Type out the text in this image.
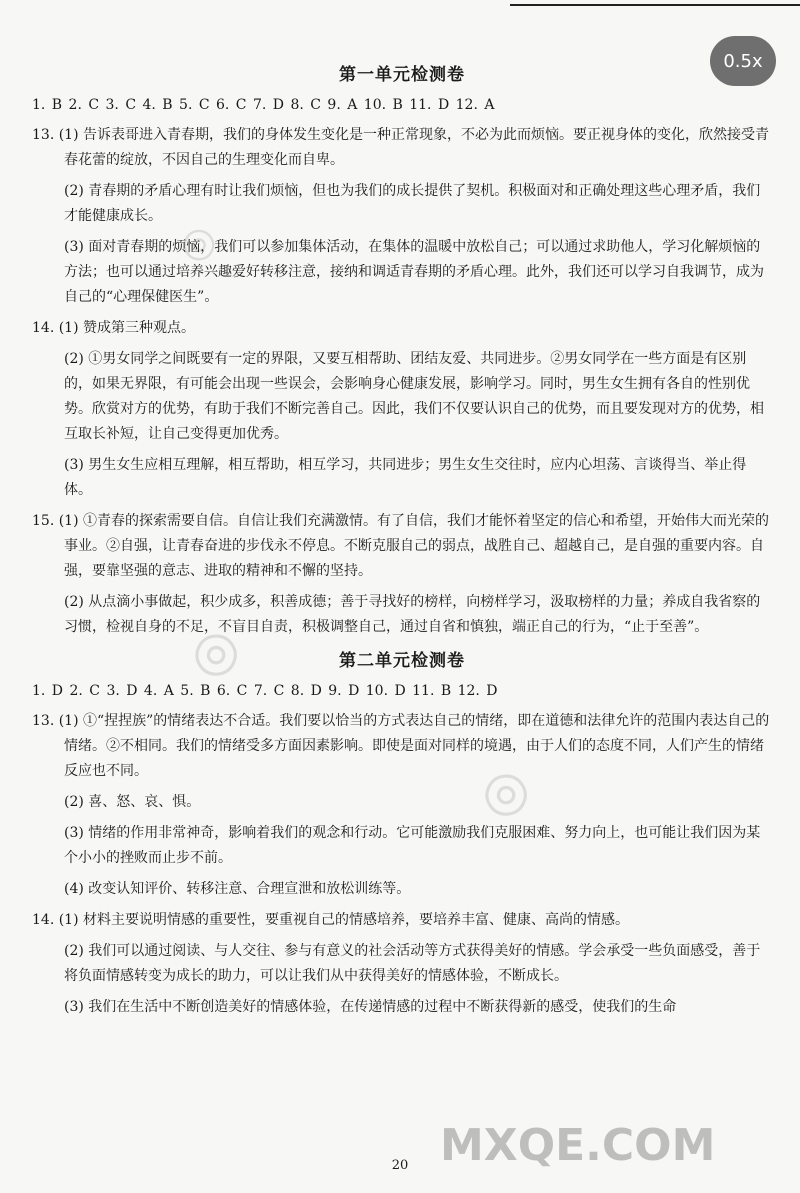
0.5x
◎
◎
◎
第一单元检测卷
1. B 2. C 3. C 4. B 5. C 6. C 7. D 8. C 9. A 10. B 11. D 12. A
13. (1) 告诉表哥进入青春期，我们的身体发生变化是一种正常现象，不必为此而烦恼。要正视身体的变化，欣然接受青春花蕾的绽放，不因自己的生理变化而自卑。
(2) 青春期的矛盾心理有时让我们烦恼，但也为我们的成长提供了契机。积极面对和正确处理这些心理矛盾，我们才能健康成长。
(3) 面对青春期的烦恼，我们可以参加集体活动，在集体的温暖中放松自己；可以通过求助他人，学习化解烦恼的方法；也可以通过培养兴趣爱好转移注意，接纳和调适青春期的矛盾心理。此外，我们还可以学习自我调节，成为自己的“心理保健医生”。
14. (1) 赞成第三种观点。
(2) ①男女同学之间既要有一定的界限，又要互相帮助、团结友爱、共同进步。②男女同学在一些方面是有区别的，如果无界限，有可能会出现一些误会，会影响身心健康发展，影响学习。同时，男生女生拥有各自的性别优势。欣赏对方的优势，有助于我们不断完善自己。因此，我们不仅要认识自己的优势，而且要发现对方的优势，相互取长补短，让自己变得更加优秀。
(3) 男生女生应相互理解，相互帮助，相互学习，共同进步；男生女生交往时，应内心坦荡、言谈得当、举止得体。
15. (1) ①青春的探索需要自信。自信让我们充满激情。有了自信，我们才能怀着坚定的信心和希望，开始伟大而光荣的事业。②自强，让青春奋进的步伐永不停息。不断克服自己的弱点，战胜自己、超越自己，是自强的重要内容。自强，要靠坚强的意志、进取的精神和不懈的坚持。
(2) 从点滴小事做起，积少成多，积善成德；善于寻找好的榜样，向榜样学习，汲取榜样的力量；养成自我省察的习惯，检视自身的不足，不盲目自责，积极调整自己，通过自省和慎独，端正自己的行为，“止于至善”。
第二单元检测卷
1. D 2. C 3. D 4. A 5. B 6. C 7. C 8. D 9. D 10. D 11. B 12. D
13. (1) ①“捏捏族”的情绪表达不合适。我们要以恰当的方式表达自己的情绪，即在道德和法律允许的范围内表达自己的情绪。②不相同。我们的情绪受多方面因素影响。即使是面对同样的境遇，由于人们的态度不同，人们产生的情绪反应也不同。
(2) 喜、怒、哀、惧。
(3) 情绪的作用非常神奇，影响着我们的观念和行动。它可能激励我们克服困难、努力向上，也可能让我们因为某个小小的挫败而止步不前。
(4) 改变认知评价、转移注意、合理宣泄和放松训练等。
14. (1) 材料主要说明情感的重要性，要重视自己的情感培养，要培养丰富、健康、高尚的情感。
(2) 我们可以通过阅读、与人交往、参与有意义的社会活动等方式获得美好的情感。学会承受一些负面感受，善于将负面情感转变为成长的助力，可以让我们从中获得美好的情感体验，不断成长。
(3) 我们在生活中不断创造美好的情感体验，在传递情感的过程中不断获得新的感受，使我们的生命
MXQE.COM
20
